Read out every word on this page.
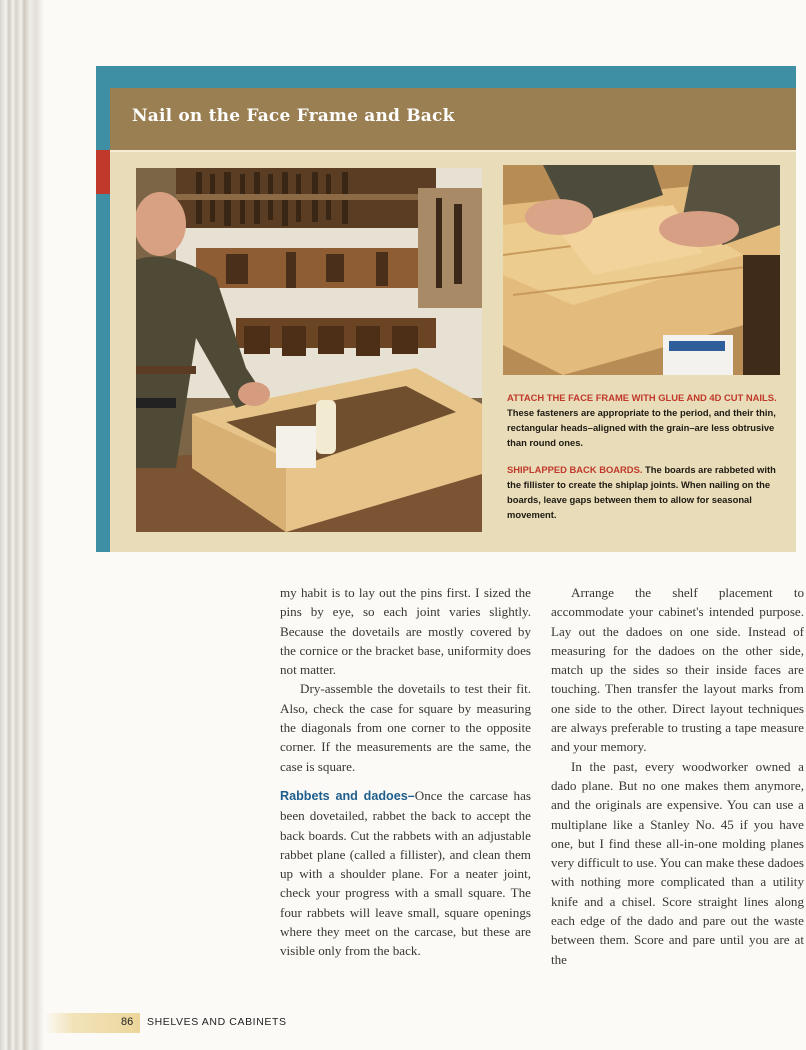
Nail on the Face Frame and Back

ATTACH THE FACE FRAME WITH GLUE AND 4D CUT NAILS. These fasteners are appropriate to the period, and their thin, rectangular heads–aligned with the grain–are less obtrusive than round ones.

SHIPLAPPED BACK BOARDS. The boards are rabbeted with the fillister to create the shiplap joints. When nailing on the boards, leave gaps between them to allow for seasonal movement.

my habit is to lay out the pins first. I sized the pins by eye, so each joint varies slightly. Because the dovetails are mostly covered by the cornice or the bracket base, uniformity does not matter.

Dry-assemble the dovetails to test their fit. Also, check the case for square by measuring the diagonals from one corner to the opposite corner. If the measurements are the same, the case is square.

Rabbets and dadoes–Once the carcase has been dovetailed, rabbet the back to accept the back boards. Cut the rabbets with an adjustable rabbet plane (called a fillister), and clean them up with a shoulder plane. For a neater joint, check your progress with a small square. The four rabbets will leave small, square openings where they meet on the carcase, but these are visible only from the back.

Arrange the shelf placement to accommodate your cabinet's intended purpose. Lay out the dadoes on one side. Instead of measuring for the dadoes on the other side, match up the sides so their inside faces are touching. Then transfer the layout marks from one side to the other. Direct layout techniques are always preferable to trusting a tape measure and your memory.

In the past, every woodworker owned a dado plane. But no one makes them anymore, and the originals are expensive. You can use a multiplane like a Stanley No. 45 if you have one, but I find these all-in-one molding planes very difficult to use. You can make these dadoes with nothing more complicated than a utility knife and a chisel. Score straight lines along each edge of the dado and pare out the waste between them. Score and pare until you are at the

86 SHELVES AND CABINETS
